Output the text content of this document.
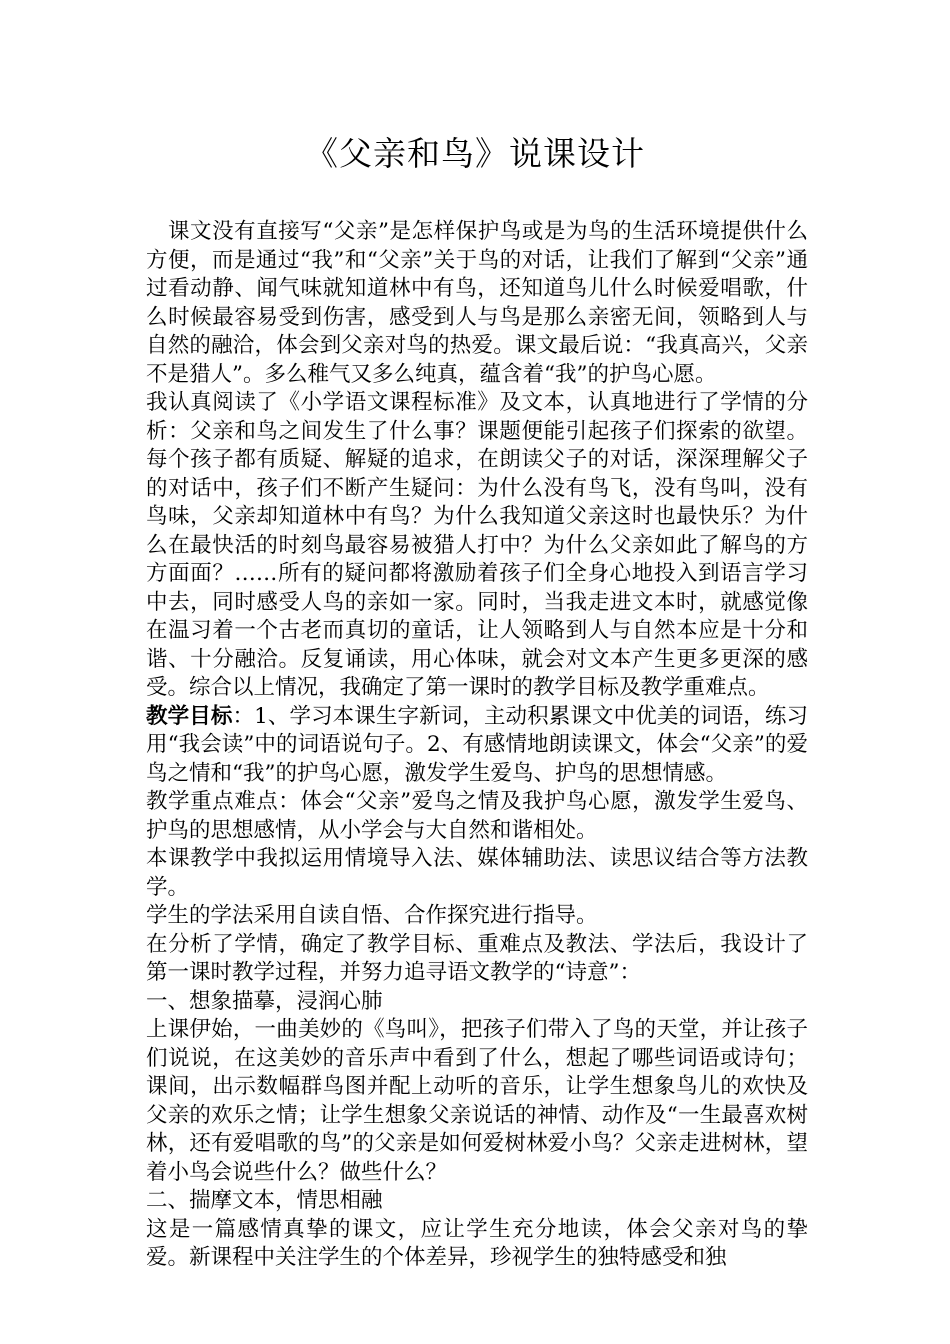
《父亲和鸟》说课设计

课文没有直接写“父亲”是怎样保护鸟或是为鸟的生活环境提供什么方便，而是通过“我”和“父亲”关于鸟的对话，让我们了解到“父亲”通过看动静、闻气味就知道林中有鸟，还知道鸟儿什么时候爱唱歌，什么时候最容易受到伤害，感受到人与鸟是那么亲密无间，领略到人与自然的融洽，体会到父亲对鸟的热爱。课文最后说：“我真高兴，父亲不是猎人”。多么稚气又多么纯真，蕴含着“我”的护鸟心愿。

我认真阅读了《小学语文课程标准》及文本，认真地进行了学情的分析：父亲和鸟之间发生了什么事？课题便能引起孩子们探索的欲望。每个孩子都有质疑、解疑的追求，在朗读父子的对话，深深理解父子的对话中，孩子们不断产生疑问：为什么没有鸟飞，没有鸟叫，没有鸟味，父亲却知道林中有鸟？为什么我知道父亲这时也最快乐？为什么在最快活的时刻鸟最容易被猎人打中？为什么父亲如此了解鸟的方方面面？……所有的疑问都将激励着孩子们全身心地投入到语言学习中去，同时感受人鸟的亲如一家。同时，当我走进文本时，就感觉像在温习着一个古老而真切的童话，让人领略到人与自然本应是十分和谐、十分融洽。反复诵读，用心体味，就会对文本产生更多更深的感受。综合以上情况，我确定了第一课时的教学目标及教学重难点。

教学目标：1、学习本课生字新词，主动积累课文中优美的词语，练习用“我会读”中的词语说句子。2、有感情地朗读课文，体会“父亲”的爱鸟之情和“我”的护鸟心愿，激发学生爱鸟、护鸟的思想情感。

教学重点难点：体会“父亲”爱鸟之情及我护鸟心愿，激发学生爱鸟、护鸟的思想感情，从小学会与大自然和谐相处。

本课教学中我拟运用情境导入法、媒体辅助法、读思议结合等方法教学。

学生的学法采用自读自悟、合作探究进行指导。

在分析了学情，确定了教学目标、重难点及教法、学法后，我设计了第一课时教学过程，并努力追寻语文教学的“诗意”：

一、想象描摹，浸润心肺

上课伊始，一曲美妙的《鸟叫》，把孩子们带入了鸟的天堂，并让孩子们说说，在这美妙的音乐声中看到了什么，想起了哪些词语或诗句；课间，出示数幅群鸟图并配上动听的音乐，让学生想象鸟儿的欢快及父亲的欢乐之情；让学生想象父亲说话的神情、动作及“一生最喜欢树林，还有爱唱歌的鸟”的父亲是如何爱树林爱小鸟？父亲走进树林，望着小鸟会说些什么？做些什么？

二、揣摩文本，情思相融

这是一篇感情真挚的课文，应让学生充分地读，体会父亲对鸟的挚爱。新课程中关注学生的个体差异，珍视学生的独特感受和独
